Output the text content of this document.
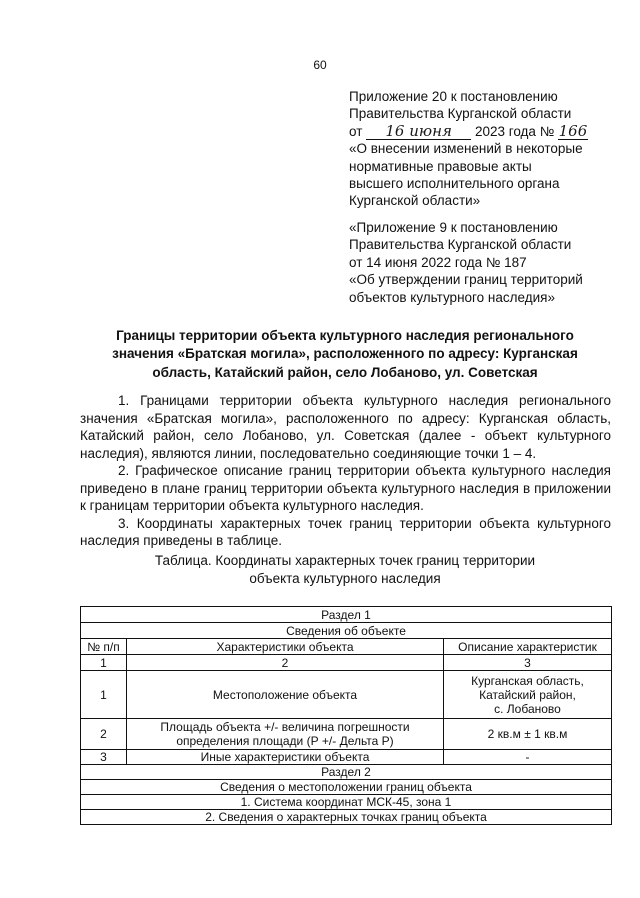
60
Приложение 20 к постановлению
Правительства Курганской области
от 16 июня 2023 года № 166
«О внесении изменений в некоторые
нормативные правовые акты
высшего исполнительного органа
Курганской области»
«Приложение 9 к постановлению
Правительства Курганской области
от 14 июня 2022 года № 187
«Об утверждении границ территорий
объектов культурного наследия»
Границы территории объекта культурного наследия регионального
значения «Братская могила», расположенного по адресу: Курганская
область, Катайский район, село Лобаново, ул. Советская

1. Границами территории объекта культурного наследия регионального значения «Братская могила», расположенного по адресу: Курганская область, Катайский район, село Лобаново, ул. Советская (далее - объект культурного наследия), являются линии, последовательно соединяющие точки 1 – 4.

2. Графическое описание границ территории объекта культурного наследия приведено в плане границ территории объекта культурного наследия в приложении к границам территории объекта культурного наследия.

3. Координаты характерных точек границ территории объекта культурного наследия приведены в таблице.

Таблица. Координаты характерных точек границ территории
объекта культурного наследия
Раздел 1		
Сведения об объекте		
№ п/п	Характеристики объекта	Описание характеристик
1	2	3
1	Местоположение объекта	Курганская область,
Катайский район,
с. Лобаново

2	Площадь объекта +/- величина погрешности
определения площади (Р +/- Дельта Р)	2 кв.м ± 1 кв.м
3	Иные характеристики объекта	-
Раздел 2		
Сведения о местоположении границ объекта		
1. Система координат МСК-45, зона 1		
2. Сведения о характерных точках границ объекта		
